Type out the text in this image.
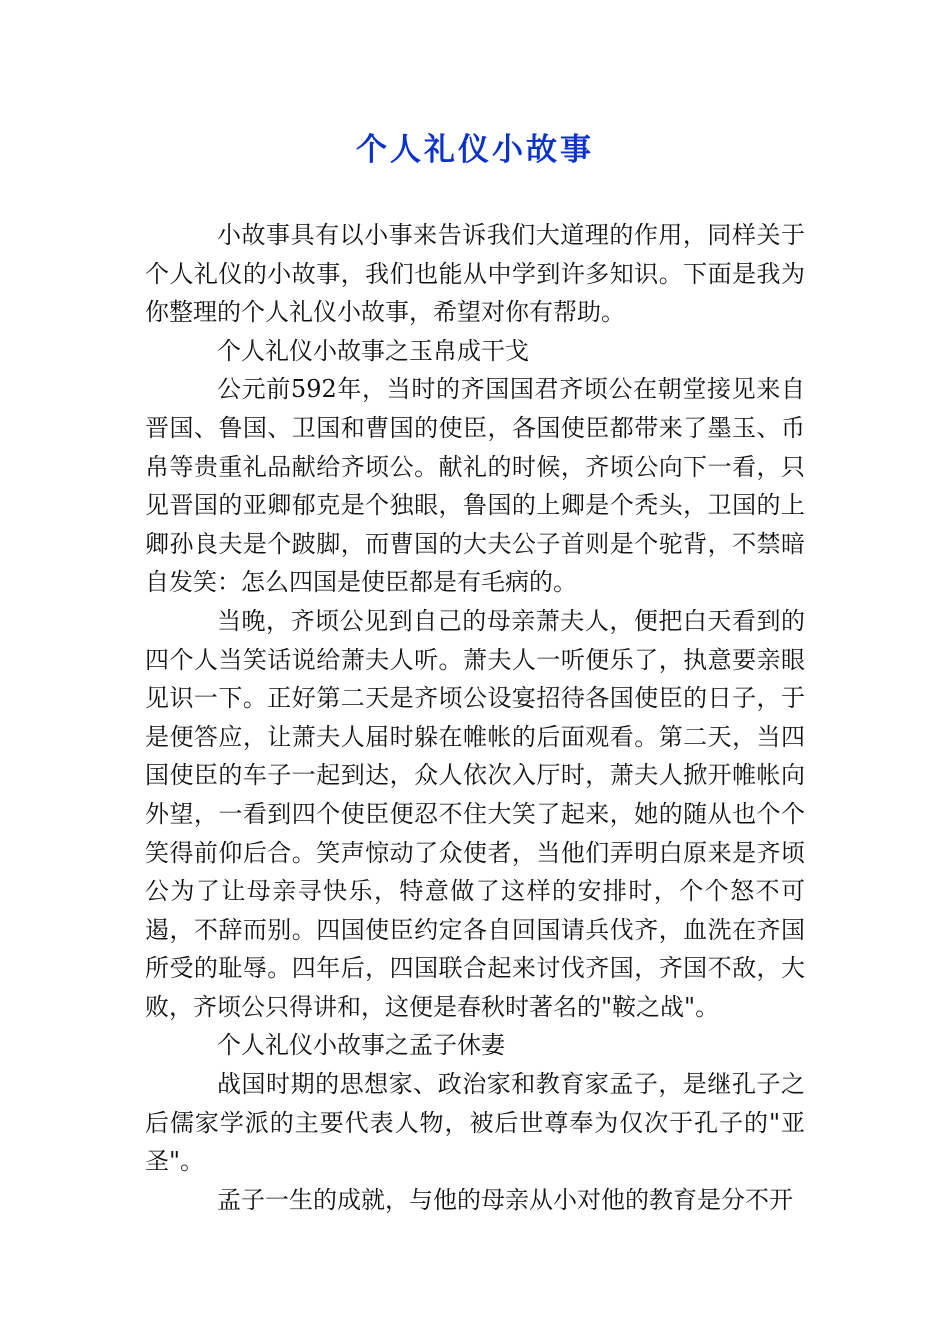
个人礼仪小故事

小故事具有以小事来告诉我们大道理的作用，同样关于个人礼仪的小故事，我们也能从中学到许多知识。下面是我为你整理的个人礼仪小故事，希望对你有帮助。

个人礼仪小故事之玉帛成干戈

公元前592年，当时的齐国国君齐顷公在朝堂接见来自晋国、鲁国、卫国和曹国的使臣，各国使臣都带来了墨玉、币帛等贵重礼品献给齐顷公。献礼的时候，齐顷公向下一看，只见晋国的亚卿郁克是个独眼，鲁国的上卿是个秃头，卫国的上卿孙良夫是个跛脚，而曹国的大夫公子首则是个驼背，不禁暗自发笑：怎么四国是使臣都是有毛病的。

当晚，齐顷公见到自己的母亲萧夫人，便把白天看到的四个人当笑话说给萧夫人听。萧夫人一听便乐了，执意要亲眼见识一下。正好第二天是齐顷公设宴招待各国使臣的日子，于是便答应，让萧夫人届时躲在帷帐的后面观看。第二天，当四国使臣的车子一起到达，众人依次入厅时，萧夫人掀开帷帐向外望，一看到四个使臣便忍不住大笑了起来，她的随从也个个笑得前仰后合。笑声惊动了众使者，当他们弄明白原来是齐顷公为了让母亲寻快乐，特意做了这样的安排时，个个怒不可遏，不辞而别。四国使臣约定各自回国请兵伐齐，血洗在齐国所受的耻辱。四年后，四国联合起来讨伐齐国，齐国不敌，大败，齐顷公只得讲和，这便是春秋时著名的"鞍之战"。

个人礼仪小故事之孟子休妻

战国时期的思想家、政治家和教育家孟子，是继孔子之后儒家学派的主要代表人物，被后世尊奉为仅次于孔子的"亚圣"。

孟子一生的成就，与他的母亲从小对他的教育是分不开
